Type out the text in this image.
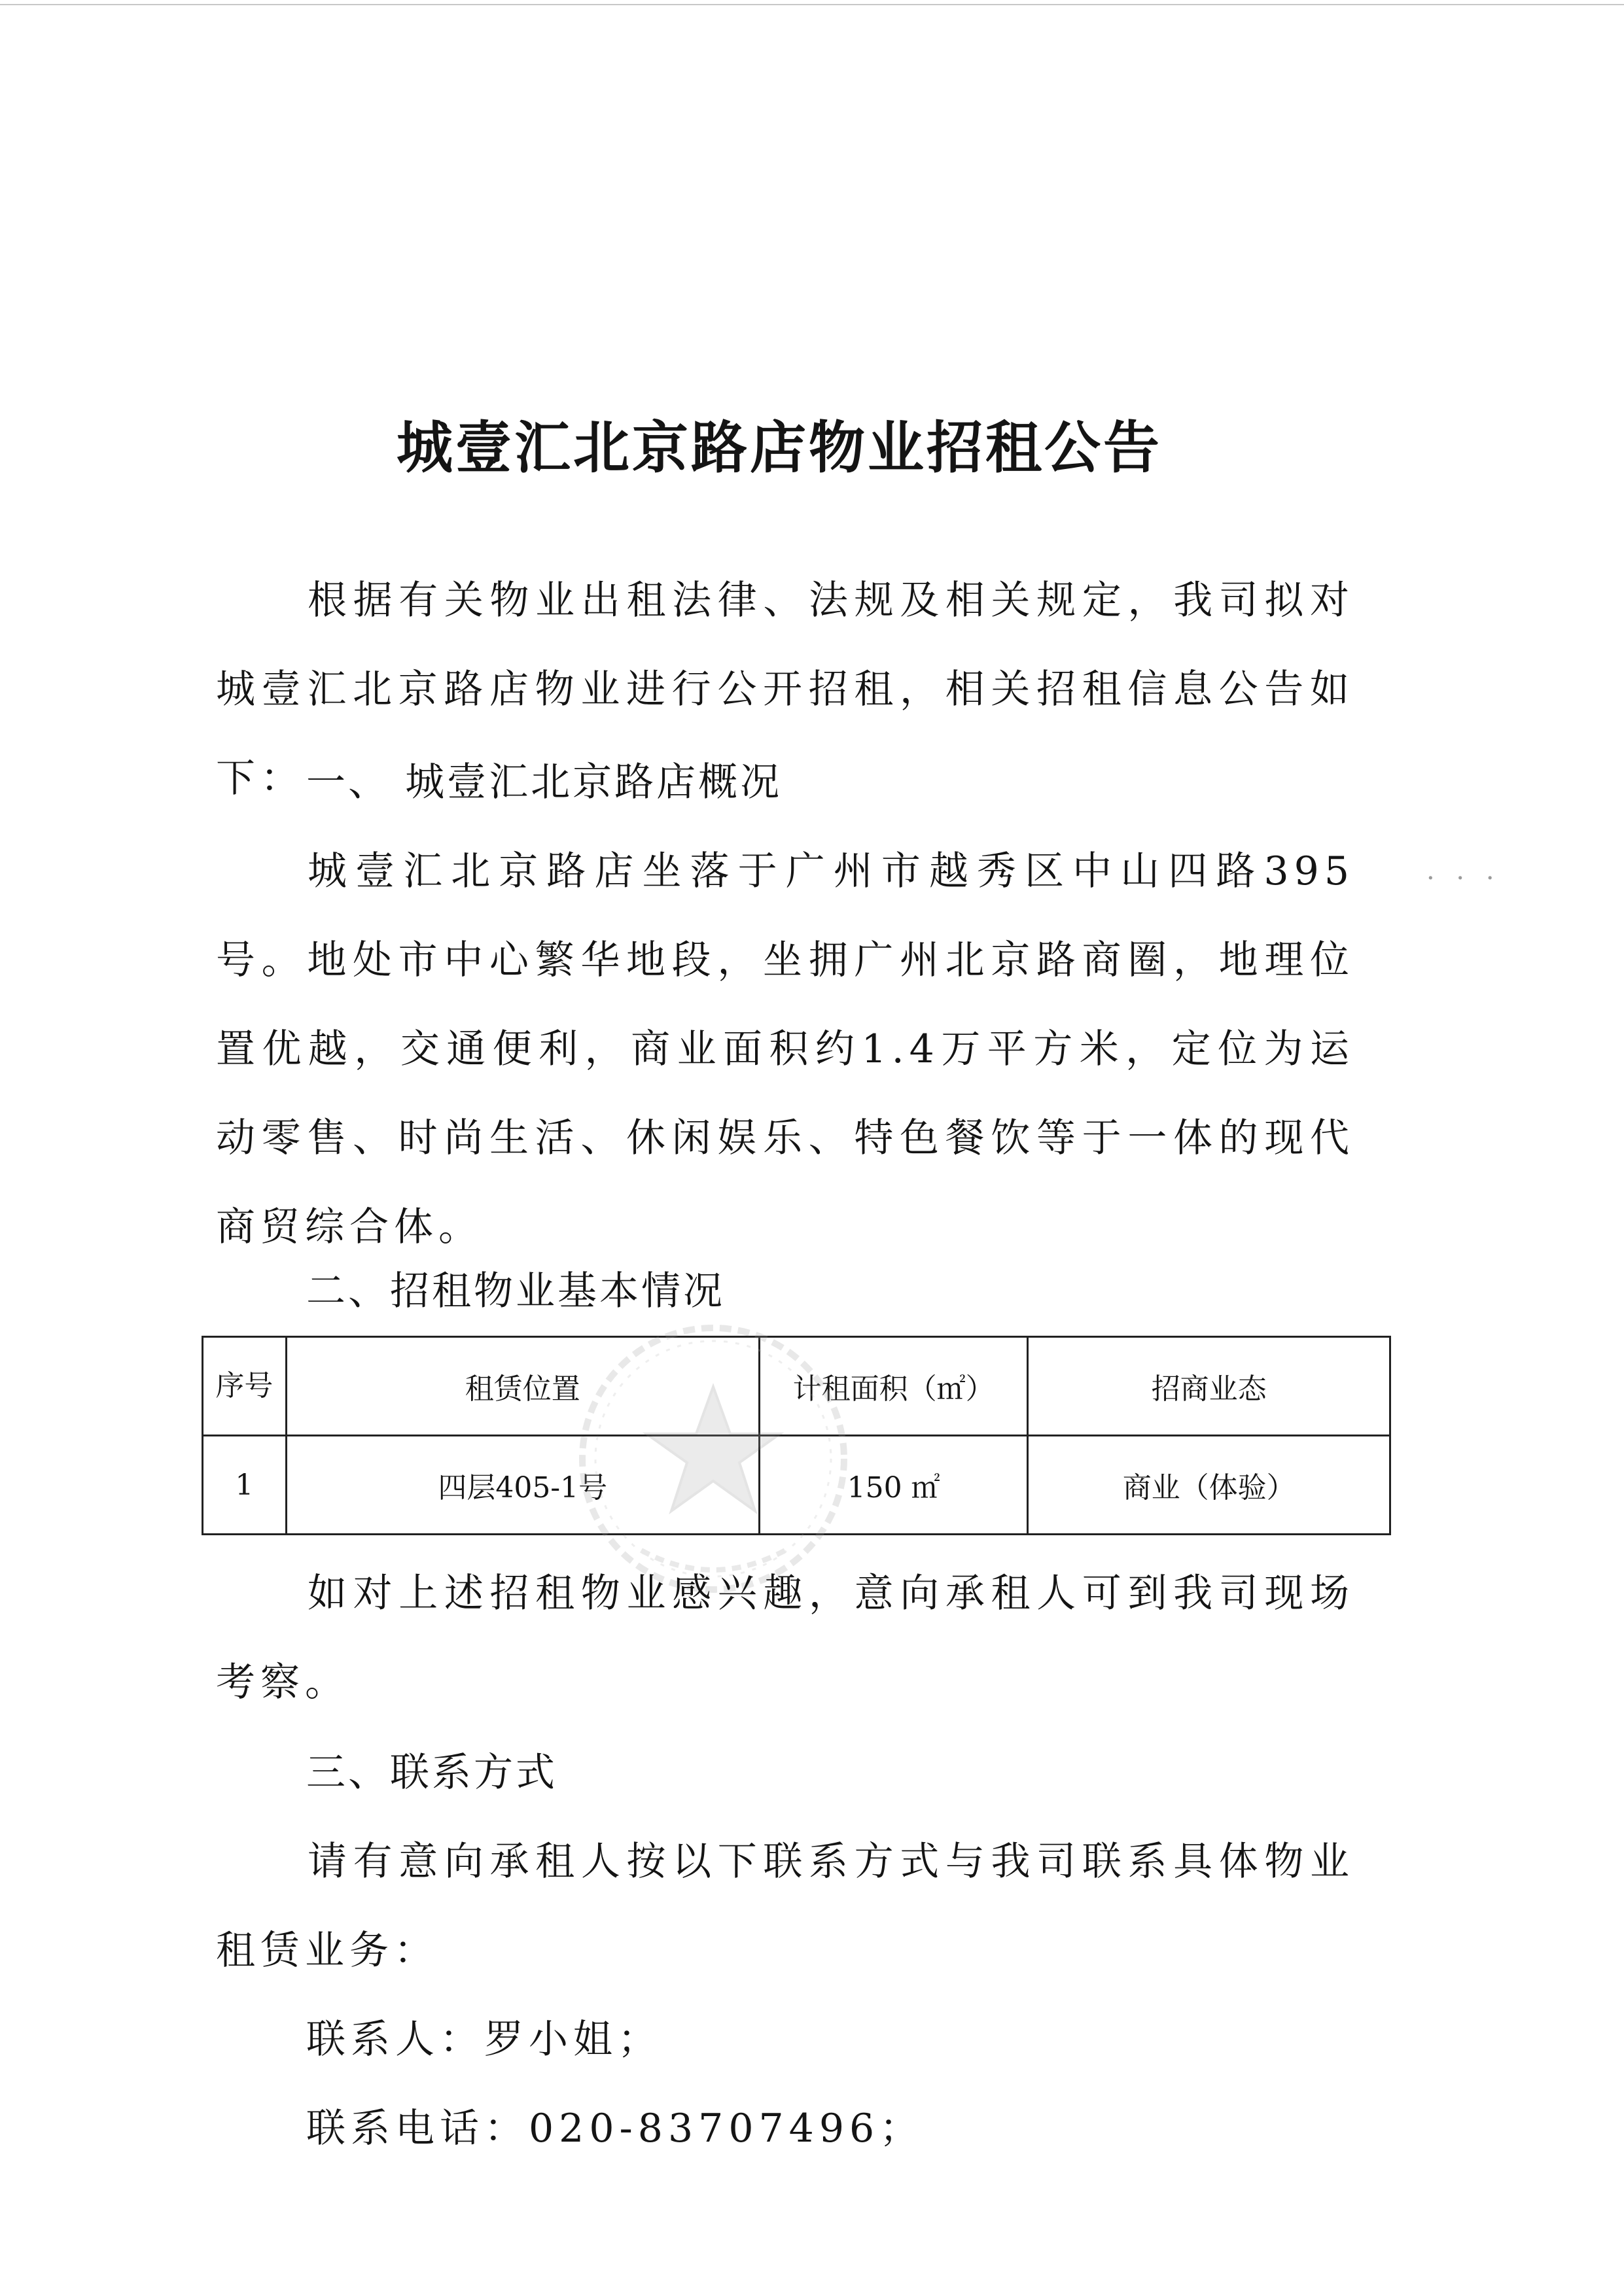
城壹汇北京路店物业招租公告
根据有关物业出租法律、法规及相关规定，我司拟对城壹汇北京路店物业进行公开招租，相关招租信息公告如下： 一、 城壹汇北京路店概况
城壹汇北京路店坐落于广州市越秀区中山四路395号。地处市中心繁华地段，坐拥广州北京路商圈，地理位置优越，交通便利，商业面积约1.4万平方米，定位为运动零售、时尚生活、休闲娱乐、特色餐饮等于一体的现代商贸综合体。
· · ·
二、招租物业基本情况
序号	租赁位置	计租面积（㎡）	招商业态
1	四层405-1号	150 ㎡	商业（体验）
如对上述招租物业感兴趣，意向承租人可到我司现场考察。
三、联系方式
请有意向承租人按以下联系方式与我司联系具体物业租赁业务：
联系人：罗小姐；
联系电话：020-83707496；
